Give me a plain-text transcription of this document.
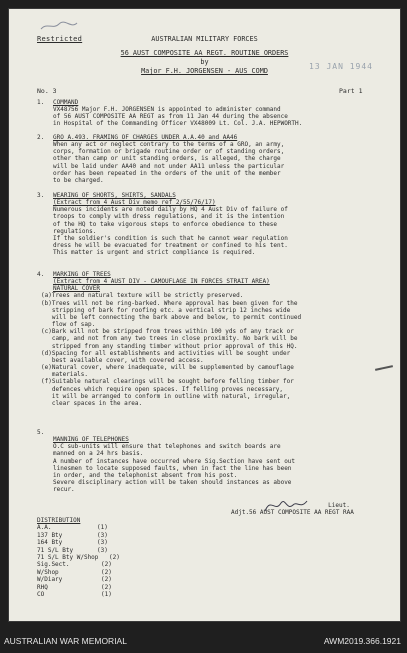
Restricted	AUSTRALIAN MILITARY FORCES
56 AUST COMPOSITE AA REGT. ROUTINE ORDERS
by
Major F.H. JORGENSEN - AUS COMD	13 JAN 1944
No. 3	Part 1
1. COMMAND
VX48756 Major F.H. JORGENSEN is appointed to administer command
of 56 AUST COMPOSITE AA REGT as from 11 Jan 44 during the absence
in Hospital of the Commanding Officer VX48009 Lt. Col. J.A. HEPWORTH.
2. GRO A.493. FRAMING OF CHARGES UNDER A.A.40 and AA46
When any act or neglect contrary to the terms of a GRO, an army,
corps, formation or brigade routine order or of standing orders,
other than camp or unit standing orders, is alleged, the charge
will be laid under AA40 and not under AA11 unless the particular
order has been repeated in the orders of the unit of the member
to be charged.
3. WEARING OF SHORTS, SHIRTS, SANDALS
(Extract from 4 Aust Div memo ref 2/55/76/17)
Numerous incidents are noted daily by HQ 4 Aust Div of failure of
troops to comply with dress regulations, and it is the intention
of the HQ to take vigorous steps to enforce obedience to these
regulations.
If the soldier's condition is such that he cannot wear regulation
dress he will be evacuated for treatment or confined to his tent.
This matter is urgent and strict compliance is required.
4. MARKING OF TREES
(Extract from 4 AUST DIV - CAMOUFLAGE IN FORCES STRAIT AREA)
NATURAL COVER
(a)Trees and natural texture will be strictly preserved.
(b)Trees will not be ring-barked. Where approval has been given for the
stripping of bark for roofing etc. a vertical strip 12 inches wide
will be left connecting the bark above and below, to permit continued
flow of sap.
(c)Bark will not be stripped from trees within 100 yds of any track or
camp, and not from any two trees in close proximity. No bark will be
stripped from any standing timber without prior approval of this HQ.
(d)Spacing for all establishments and activities will be sought under
best available cover, with covered access.
(e)Natural cover, where inadequate, will be supplemented by camouflage
materials.
(f)Suitable natural clearings will be sought before felling timber for
defences which require open spaces. If felling proves necessary,
it will be arranged to conform in outline with natural, irregular,
clear spaces in the area.
5.
MANNING OF TELEPHONES
O.C sub-units will ensure that telephones and switch boards are
manned on a 24 hrs basis.
A number of instances have occurred where Sig.Section have sent out
linesmen to locate supposed faults, when in fact the line has been
in order, and the telephonist absent from his post.
Severe disciplinary action will be taken should instances as above
recur.
Lieut.
Adjt.56 AUST COMPOSITE AA REGT RAA
DISTRIBUTION
A.A.	(1)
137 Bty	(3)
164 Bty	(3)
71 S/L Bty	(3)
71 S/L Bty W/Shop (2)
Sig.Sect.	(2)
W/Shop	(2)
W/Diary	(2)
RHQ	(2)
CO	(1)
AUSTRALIAN WAR MEMORIAL	AWM2019.366.1921
